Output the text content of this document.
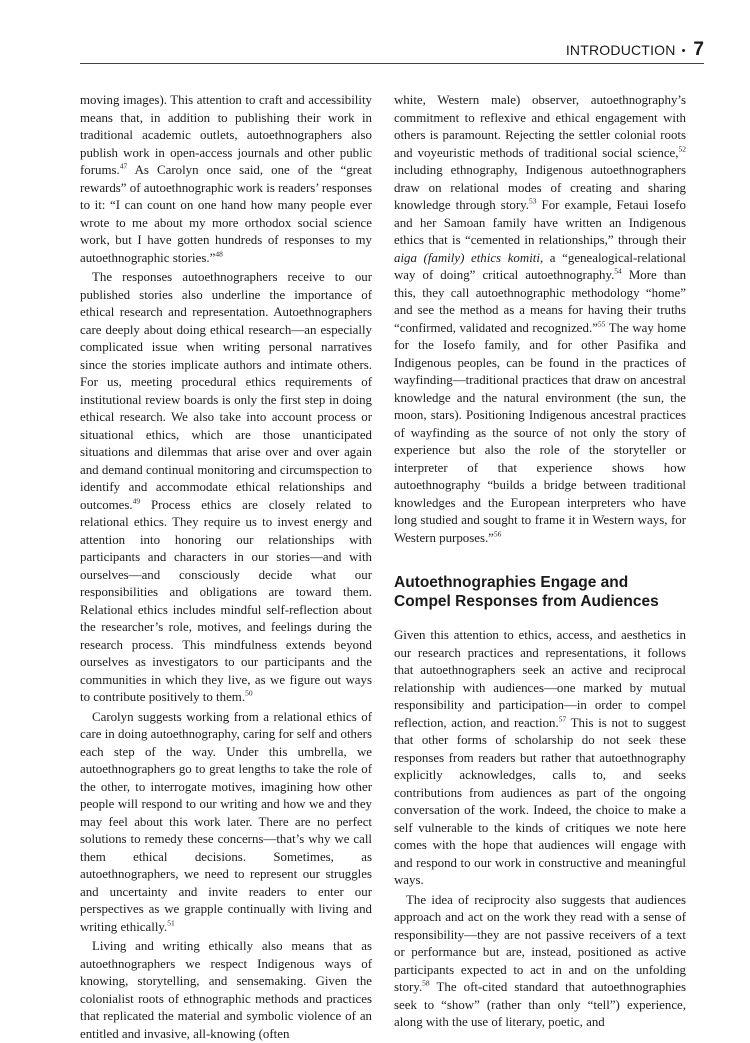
INTRODUCTION • 7

moving images). This attention to craft and accessibility means that, in addition to publishing their work in traditional academic outlets, autoethnographers also publish work in open-access journals and other public forums.$^{47}$ As Carolyn once said, one of the “great rewards” of autoethnographic work is readers’ responses to it: “I can count on one hand how many people ever wrote to me about my more orthodox social science work, but I have gotten hundreds of responses to my autoethnographic stories.”$^{48}$

The responses autoethnographers receive to our published stories also underline the importance of ethical research and representation. Autoethnographers care deeply about doing ethical research—an especially complicated issue when writing personal narratives since the stories implicate authors and intimate others. For us, meeting procedural ethics requirements of institutional review boards is only the first step in doing ethical research. We also take into account process or situational ethics, which are those unanticipated situations and dilemmas that arise over and over again and demand continual monitoring and circumspection to identify and accommodate ethical relationships and outcomes.$^{49}$ Process ethics are closely related to relational ethics. They require us to invest energy and attention into honoring our relationships with participants and characters in our stories—and with ourselves—and consciously decide what our responsibilities and obligations are toward them. Relational ethics includes mindful self-reflection about the researcher’s role, motives, and feelings during the research process. This mindfulness extends beyond ourselves as investigators to our participants and the communities in which they live, as we figure out ways to contribute positively to them.$^{50}$

Carolyn suggests working from a relational ethics of care in doing autoethnography, caring for self and others each step of the way. Under this umbrella, we autoethnographers go to great lengths to take the role of the other, to interrogate motives, imagining how other people will respond to our writing and how we and they may feel about this work later. There are no perfect solutions to remedy these concerns—that’s why we call them ethical decisions. Sometimes, as autoethnographers, we need to represent our struggles and uncertainty and invite readers to enter our perspectives as we grapple continually with living and writing ethically.$^{51}$

Living and writing ethically also means that as autoethnographers we respect Indigenous ways of knowing, storytelling, and sensemaking. Given the colonialist roots of ethnographic methods and practices that replicated the material and symbolic violence of an entitled and invasive, all-knowing (often

white, Western male) observer, autoethnography’s commitment to reflexive and ethical engagement with others is paramount. Rejecting the settler colonial roots and voyeuristic methods of traditional social science,$^{52}$ including ethnography, Indigenous autoethnographers draw on relational modes of creating and sharing knowledge through story.$^{53}$ For example, Fetaui Iosefo and her Samoan family have written an Indigenous ethics that is “cemented in relationships,” through their aiga (family) ethics komiti, a “genealogical-relational way of doing” critical autoethnography.$^{54}$ More than this, they call autoethnographic methodology “home” and see the method as a means for having their truths “confirmed, validated and recognized.”$^{55}$ The way home for the Iosefo family, and for other Pasifika and Indigenous peoples, can be found in the practices of wayfinding—traditional practices that draw on ancestral knowledge and the natural environment (the sun, the moon, stars). Positioning Indigenous ancestral practices of wayfinding as the source of not only the story of experience but also the role of the storyteller or interpreter of that experience shows how autoethnography “builds a bridge between traditional knowledges and the European interpreters who have long studied and sought to frame it in Western ways, for Western purposes.”$^{56}$

Autoethnographies Engage and Compel Responses from Audiences

Given this attention to ethics, access, and aesthetics in our research practices and representations, it follows that autoethnographers seek an active and reciprocal relationship with audiences—one marked by mutual responsibility and participation—in order to compel reflection, action, and reaction.$^{57}$ This is not to suggest that other forms of scholarship do not seek these responses from readers but rather that autoethnography explicitly acknowledges, calls to, and seeks contributions from audiences as part of the ongoing conversation of the work. Indeed, the choice to make a self vulnerable to the kinds of critiques we note here comes with the hope that audiences will engage with and respond to our work in constructive and meaningful ways.

The idea of reciprocity also suggests that audiences approach and act on the work they read with a sense of responsibility—they are not passive receivers of a text or performance but are, instead, positioned as active participants expected to act in and on the unfolding story.$^{58}$ The oft-cited standard that autoethnographies seek to “show” (rather than only “tell”) experience, along with the use of literary, poetic, and
